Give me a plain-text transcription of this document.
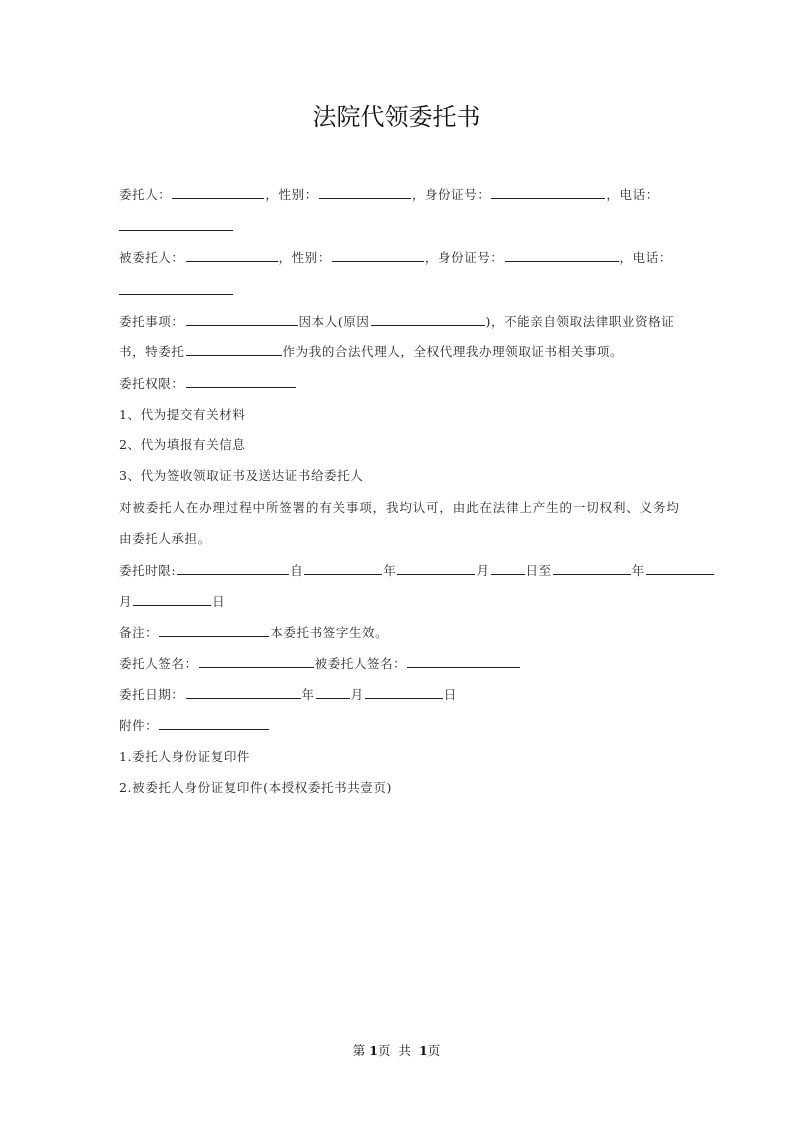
法院代领委托书
委托人：	，性别：	，身份证号：	，电话：
被委托人：	，性别：	，身份证号：	，电话：
委托事项：	因本人(原因	)，不能亲自领取法律职业资格证
书，特委托	作为我的合法代理人，全权代理我办理领取证书相关事项。
委托权限：
1、代为提交有关材料
2、代为填报有关信息
3、代为签收领取证书及送达证书给委托人
对被委托人在办理过程中所签署的有关事项，我均认可，由此在法律上产生的一切权利、义务均
由委托人承担。
委托时限:	自	年	月	日至	年
月	日
备注：	本委托书签字生效。
委托人签名：	被委托人签名：
委托日期：	年	月	日
附件：
1.委托人身份证复印件
2.被委托人身份证复印件(本授权委托书共壹页)
第 1页 共 1页
